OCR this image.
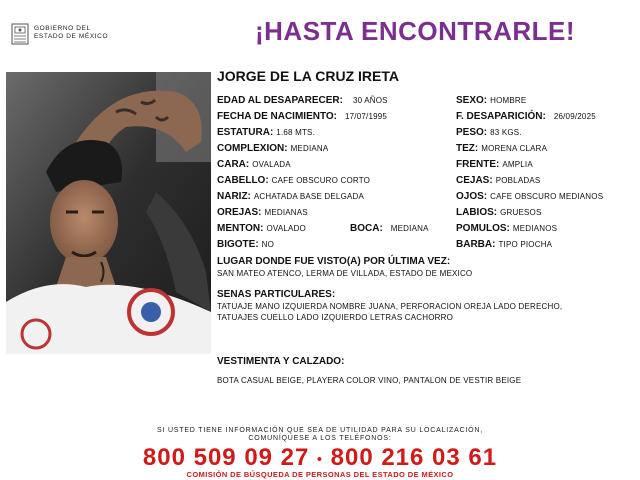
GOBIERNO DEL
ESTADO DE MÉXICO	¡HASTA ENCONTRARLE!
JORGE DE LA CRUZ IRETA
EDAD AL DESAPARECER: 30 AÑOS
FECHA DE NACIMIENTO: 17/07/1995
ESTATURA: 1.68 MTS.
COMPLEXION: MEDIANA
CARA: OVALADA
CABELLO: CAFE OBSCURO CORTO
NARIZ: ACHATADA BASE DELGADA
OREJAS: MEDIANAS
MENTON: OVALADO	BOCA: MEDIANA
BIGOTE: NO
SEXO: HOMBRE
F. DESAPARICIÓN: 26/09/2025
PESO: 83 KGS.
TEZ: MORENA CLARA
FRENTE: AMPLIA
CEJAS: POBLADAS
OJOS: CAFE OBSCURO MEDIANOS
LABIOS: GRUESOS
POMULOS: MEDIANOS
BARBA: TIPO PIOCHA
LUGAR DONDE FUE VISTO(A) POR ÚLTIMA VEZ:
SAN MATEO ATENCO, LERMA DE VILLADA, ESTADO DE MEXICO
SENAS PARTICULARES:
TATUAJE MANO IZQUIERDA NOMBRE JUANA, PERFORACION OREJA LADO DERECHO,
TATUAJES CUELLO LADO IZQUIERDO LETRAS CACHORRO
VESTIMENTA Y CALZADO:
BOTA CASUAL BEIGE, PLAYERA COLOR VINO, PANTALON DE VESTIR BEIGE
SI USTED TIENE INFORMACIÓN QUE SEA DE UTILIDAD PARA SU LOCALIZACIÓN,
COMUNÍQUESE A LOS TELÉFONOS:
800 509 09 27 • 800 216 03 61
COMISIÓN DE BÚSQUEDA DE PERSONAS DEL ESTADO DE MÉXICO
